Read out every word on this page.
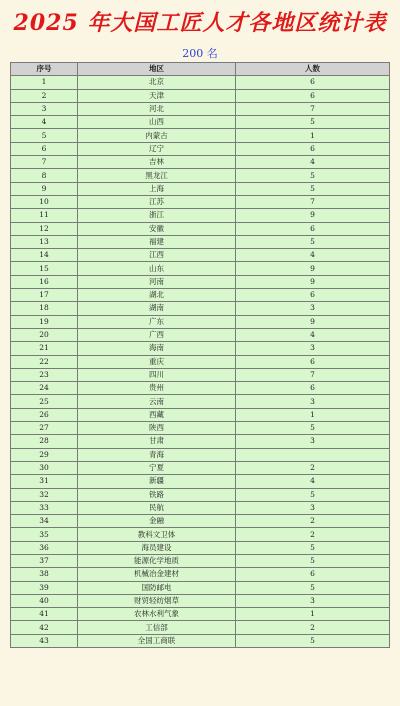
2025 年大国工匠人才各地区统计表
200 名
序号	地区	人数
1	北京	6
2	天津	6
3	河北	7
4	山西	5
5	内蒙古	1
6	辽宁	6
7	吉林	4
8	黑龙江	5
9	上海	5
10	江苏	7
11	浙江	9
12	安徽	6
13	福建	5
14	江西	4
15	山东	9
16	河南	9
17	湖北	6
18	湖南	3
19	广东	9
20	广西	4
21	海南	3
22	重庆	6
23	四川	7
24	贵州	6
25	云南	3
26	西藏	1
27	陕西	5
28	甘肃	3
29	青海	
30	宁夏	2
31	新疆	4
32	铁路	5
33	民航	3
34	金融	2
35	教科文卫体	2
36	海员建设	5
37	能源化学地质	5
38	机械冶金建材	6
39	国防邮电	5
40	财贸轻纺烟草	3
41	农林水利气象	1
42	工信部	2
43	全国工商联	5
